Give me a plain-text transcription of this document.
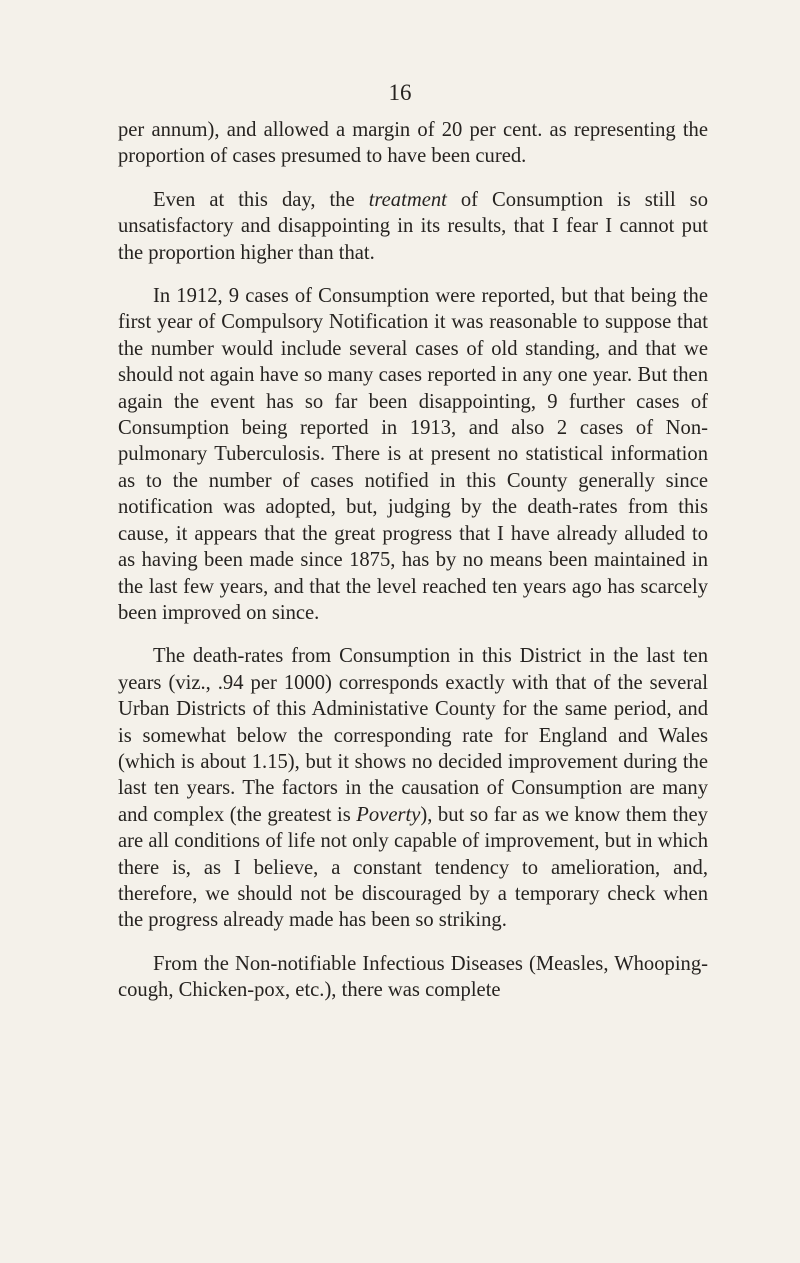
16

per annum), and allowed a margin of 20 per cent. as representing the proportion of cases presumed to have been cured.

Even at this day, the treatment of Consumption is still so unsatisfactory and disappointing in its results, that I fear I cannot put the proportion higher than that.

In 1912, 9 cases of Consumption were reported, but that being the first year of Compulsory Notification it was reasonable to suppose that the number would include several cases of old standing, and that we should not again have so many cases reported in any one year. But then again the event has so far been disappointing, 9 further cases of Consumption being reported in 1913, and also 2 cases of Non-pulmonary Tuberculosis. There is at present no statistical information as to the number of cases notified in this County generally since notification was adopted, but, judging by the death-rates from this cause, it appears that the great progress that I have already alluded to as having been made since 1875, has by no means been maintained in the last few years, and that the level reached ten years ago has scarcely been improved on since.

The death-rates from Consumption in this District in the last ten years (viz., .94 per 1000) corresponds exactly with that of the several Urban Districts of this Administative County for the same period, and is somewhat below the corresponding rate for England and Wales (which is about 1.15), but it shows no decided improvement during the last ten years. The factors in the causation of Consumption are many and complex (the greatest is Poverty), but so far as we know them they are all conditions of life not only capable of improvement, but in which there is, as I believe, a constant tendency to amelioration, and, therefore, we should not be discouraged by a temporary check when the progress already made has been so striking.

From the Non-notifiable Infectious Diseases (Measles, Whooping-cough, Chicken-pox, etc.), there was complete
